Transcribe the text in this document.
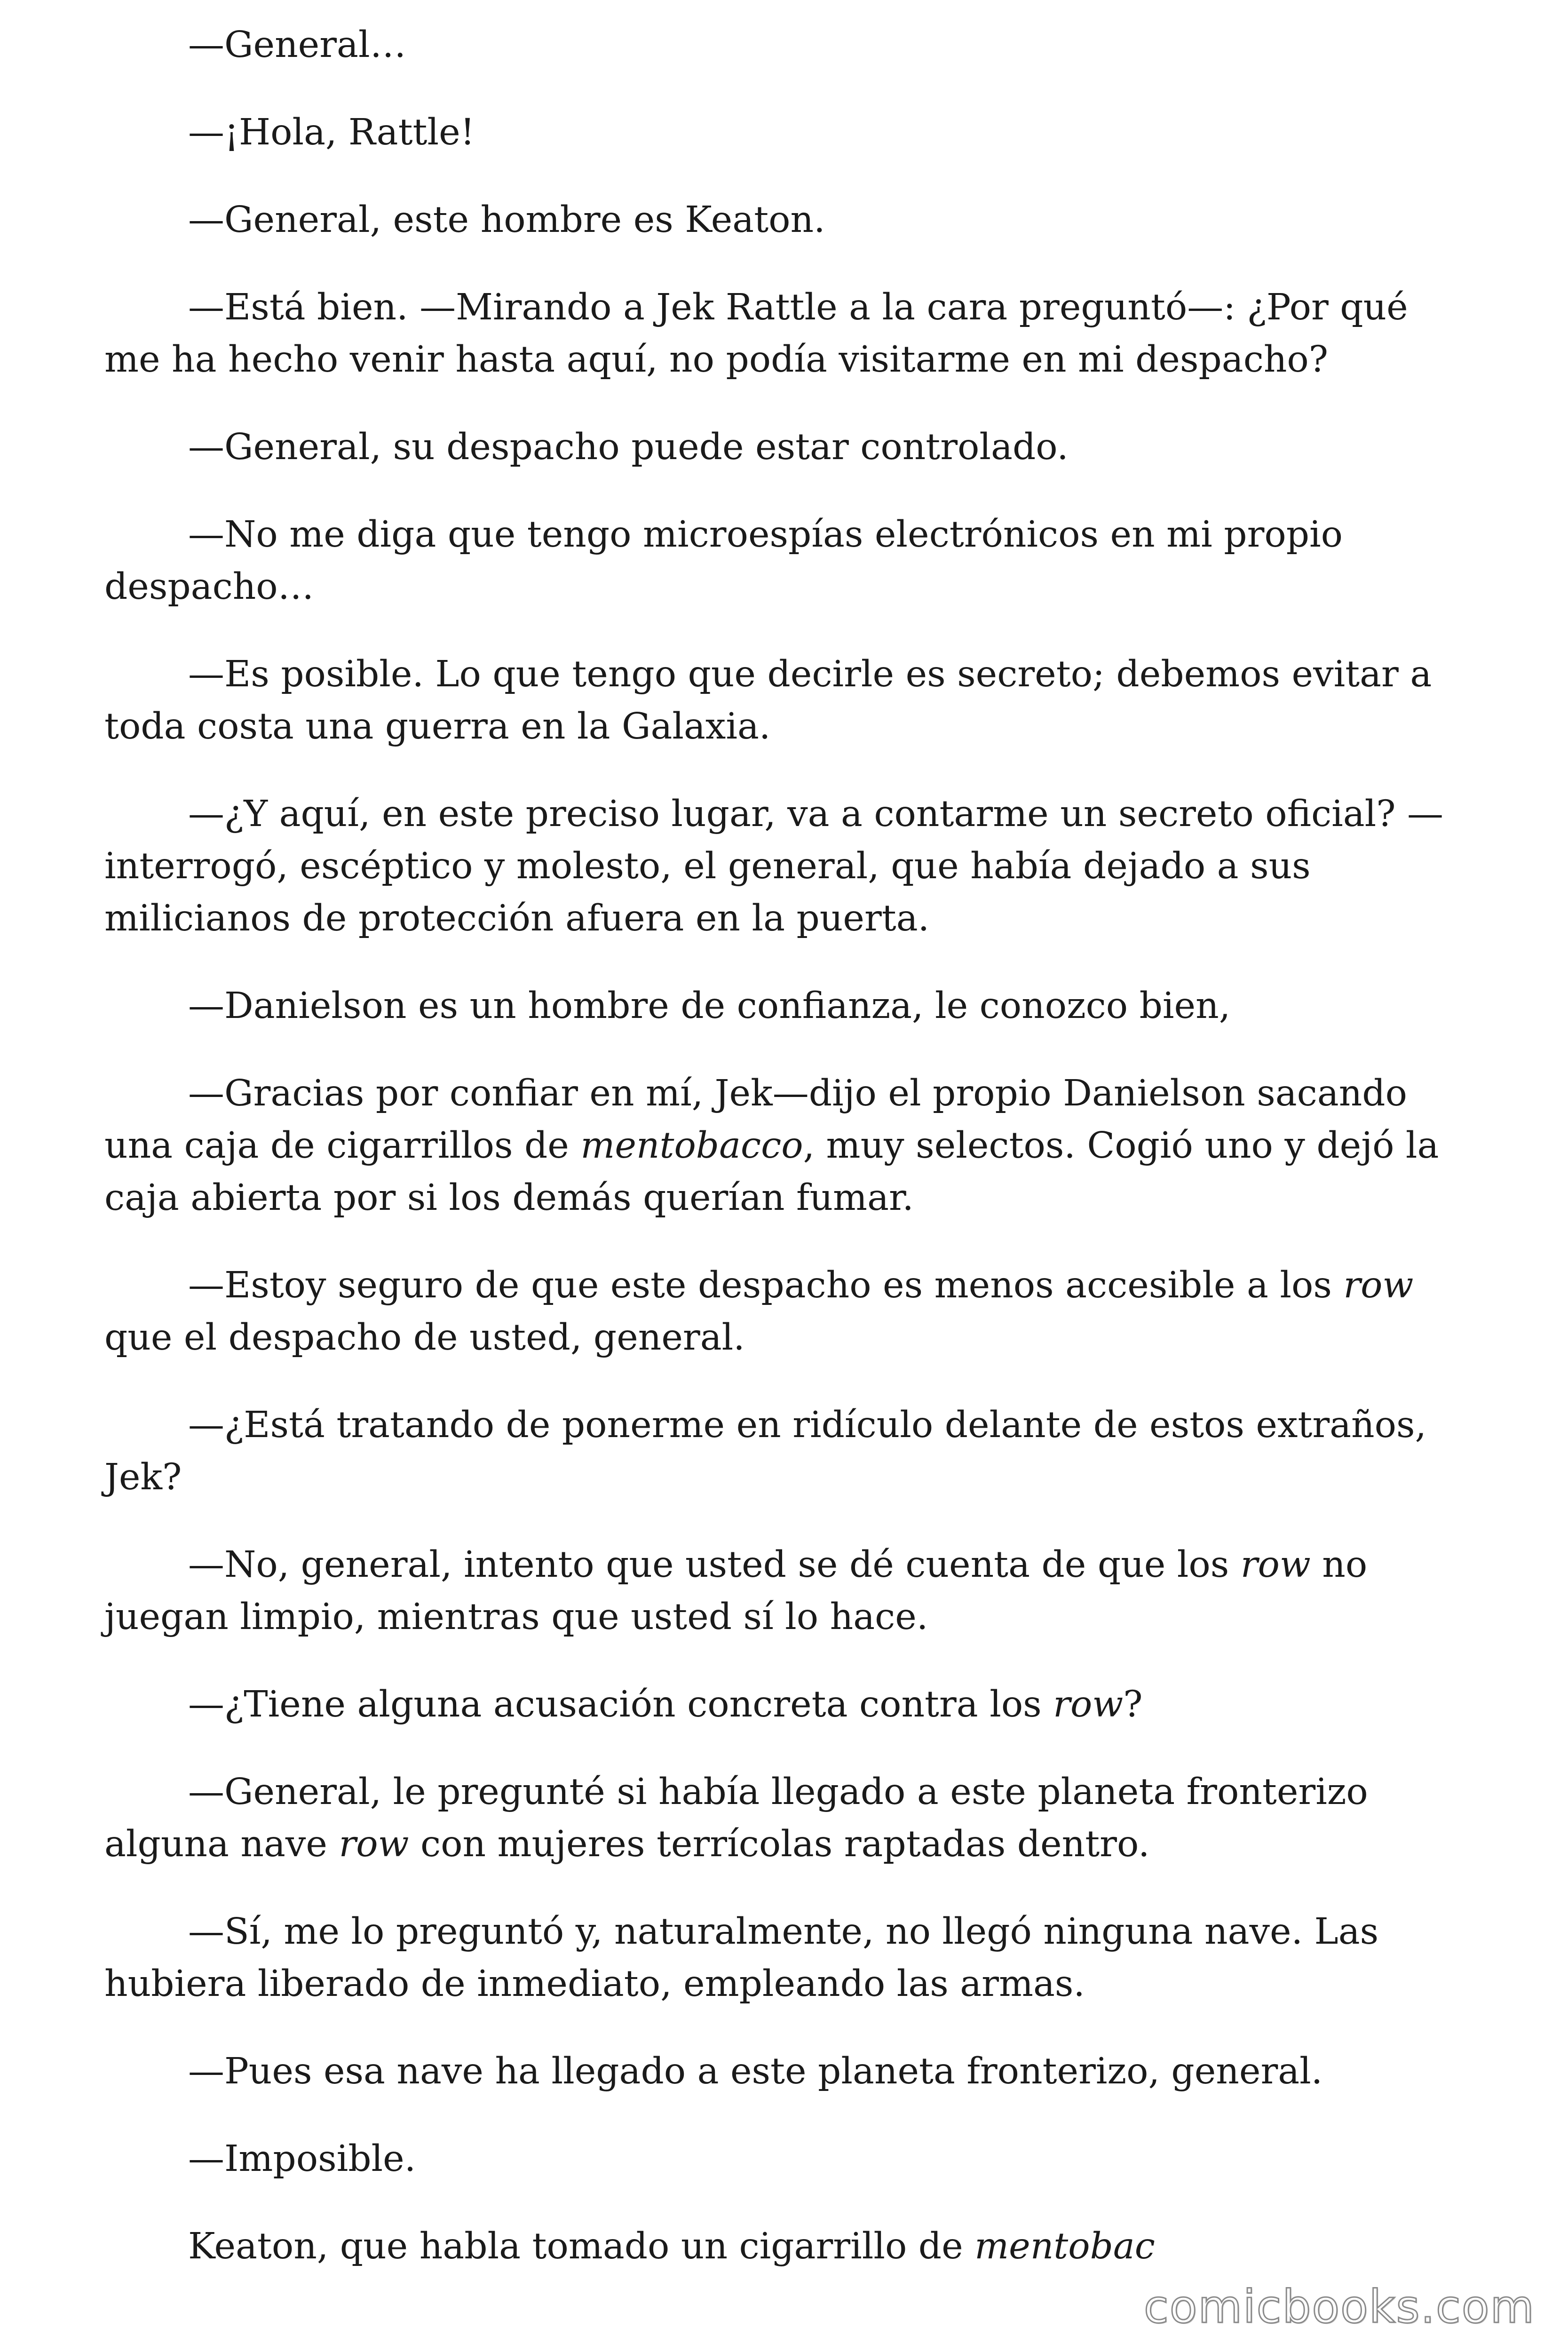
—General…

—¡Hola, Rattle!

—General, este hombre es Keaton.

—Está bien. —Mirando a Jek Rattle a la cara preguntó—: ¿Por qué me ha hecho venir hasta aquí, no podía visitarme en mi despacho?

—General, su despacho puede estar controlado.

—No me diga que tengo microespías electrónicos en mi propio despacho…

—Es posible. Lo que tengo que decirle es secreto; debemos evitar a toda costa una guerra en la Galaxia.

—¿Y aquí, en este preciso lugar, va a contarme un secreto oficial? —interrogó, escéptico y molesto, el general, que había dejado a sus milicianos de protección afuera en la puerta.

—Danielson es un hombre de confianza, le conozco bien,

—Gracias por confiar en mí, Jek—dijo el propio Danielson sacando una caja de cigarrillos de mentobacco, muy selectos. Cogió uno y dejó la caja abierta por si los demás querían fumar.

—Estoy seguro de que este despacho es menos accesible a los row que el despacho de usted, general.

—¿Está tratando de ponerme en ridículo delante de estos extraños, Jek?

—No, general, intento que usted se dé cuenta de que los row no juegan limpio, mientras que usted sí lo hace.

—¿Tiene alguna acusación concreta contra los row?

—General, le pregunté si había llegado a este planeta fronterizo alguna nave row con mujeres terrícolas raptadas dentro.

—Sí, me lo preguntó y, naturalmente, no llegó ninguna nave. Las hubiera liberado de inmediato, empleando las armas.

—Pues esa nave ha llegado a este planeta fronterizo, general.

—Imposible.

Keaton, que habla tomado un cigarrillo de mentobac

comicbooks.com
